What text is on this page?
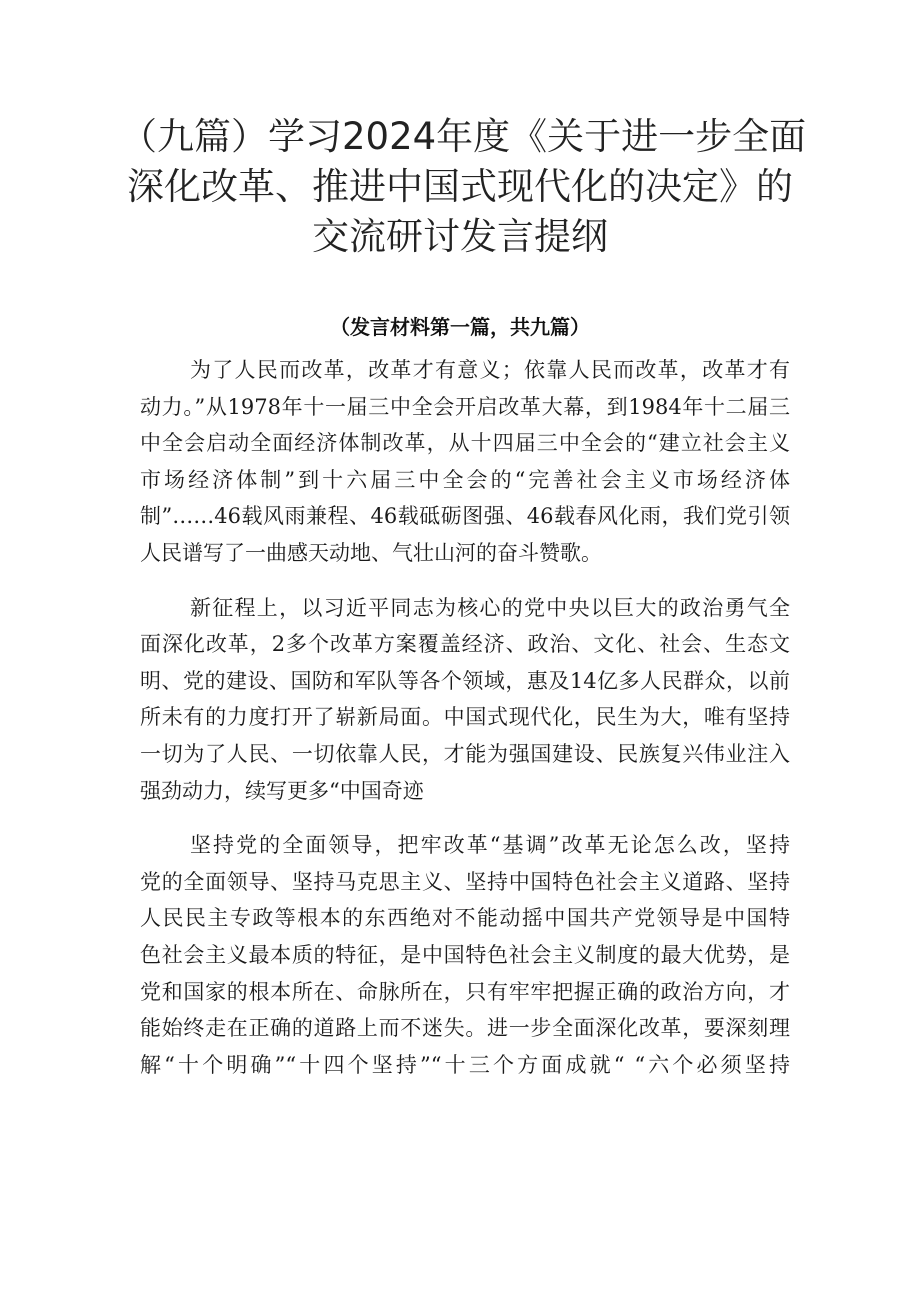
（九篇）学习2024年度《关于进一步全面
深化改革、推进中国式现代化的决定》的
交流研讨发言提纲
（发言材料第一篇，共九篇）
为了人民而改革，改革才有意义；依靠人民而改革，改革才有
动力。”从1978年十一届三中全会开启改革大幕，到1984年十二届三
中全会启动全面经济体制改革，从十四届三中全会的“建立社会主义
市场经济体制”到十六届三中全会的“完善社会主义市场经济体
制”……46载风雨兼程、46载砥砺图强、46载春风化雨，我们党引领
人民谱写了一曲感天动地、气壮山河的奋斗赞歌。
新征程上，以习近平同志为核心的党中央以巨大的政治勇气全
面深化改革，2多个改革方案覆盖经济、政治、文化、社会、生态文
明、党的建设、国防和军队等各个领域，惠及14亿多人民群众，以前
所未有的力度打开了崭新局面。中国式现代化，民生为大，唯有坚持
一切为了人民、一切依靠人民，才能为强国建设、民族复兴伟业注入
强劲动力，续写更多“中国奇迹
坚持党的全面领导，把牢改革“基调”改革无论怎么改，坚持
党的全面领导、坚持马克思主义、坚持中国特色社会主义道路、坚持
人民民主专政等根本的东西绝对不能动摇中国共产党领导是中国特
色社会主义最本质的特征，是中国特色社会主义制度的最大优势，是
党和国家的根本所在、命脉所在，只有牢牢把握正确的政治方向，才
能始终走在正确的道路上而不迷失。进一步全面深化改革，要深刻理
解“十个明确”“十四个坚持”“十三个方面成就“ “六个必须坚持
